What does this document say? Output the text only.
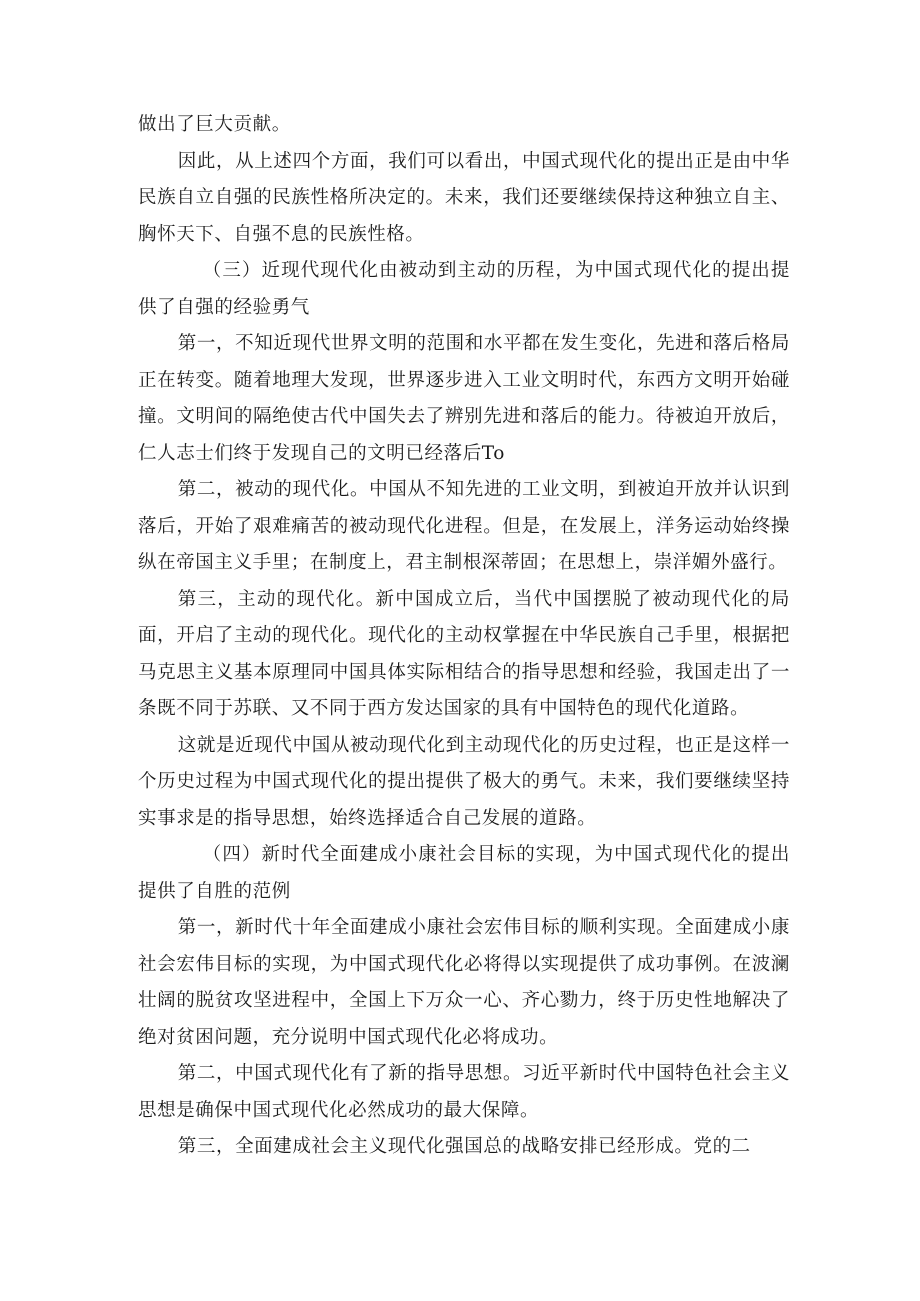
做出了巨大贡献。

因此，从上述四个方面，我们可以看出，中国式现代化的提出正是由中华民族自立自强的民族性格所决定的。未来，我们还要继续保持这种独立自主、胸怀天下、自强不息的民族性格。

（三）近现代现代化由被动到主动的历程，为中国式现代化的提出提供了自强的经验勇气

第一，不知近现代世界文明的范围和水平都在发生变化，先进和落后格局正在转变。随着地理大发现，世界逐步进入工业文明时代，东西方文明开始碰撞。文明间的隔绝使古代中国失去了辨别先进和落后的能力。待被迫开放后，仁人志士们终于发现自己的文明已经落后To

第二，被动的现代化。中国从不知先进的工业文明，到被迫开放并认识到落后，开始了艰难痛苦的被动现代化进程。但是，在发展上，洋务运动始终操纵在帝国主义手里；在制度上，君主制根深蒂固；在思想上，崇洋媚外盛行。

第三，主动的现代化。新中国成立后，当代中国摆脱了被动现代化的局面，开启了主动的现代化。现代化的主动权掌握在中华民族自己手里，根据把马克思主义基本原理同中国具体实际相结合的指导思想和经验，我国走出了一条既不同于苏联、又不同于西方发达国家的具有中国特色的现代化道路。

这就是近现代中国从被动现代化到主动现代化的历史过程，也正是这样一个历史过程为中国式现代化的提出提供了极大的勇气。未来，我们要继续坚持实事求是的指导思想，始终选择适合自己发展的道路。

（四）新时代全面建成小康社会目标的实现，为中国式现代化的提出提供了自胜的范例

第一，新时代十年全面建成小康社会宏伟目标的顺利实现。全面建成小康社会宏伟目标的实现，为中国式现代化必将得以实现提供了成功事例。在波澜壮阔的脱贫攻坚进程中，全国上下万众一心、齐心勠力，终于历史性地解决了绝对贫困问题，充分说明中国式现代化必将成功。

第二，中国式现代化有了新的指导思想。习近平新时代中国特色社会主义思想是确保中国式现代化必然成功的最大保障。

第三，全面建成社会主义现代化强国总的战略安排已经形成。党的二
